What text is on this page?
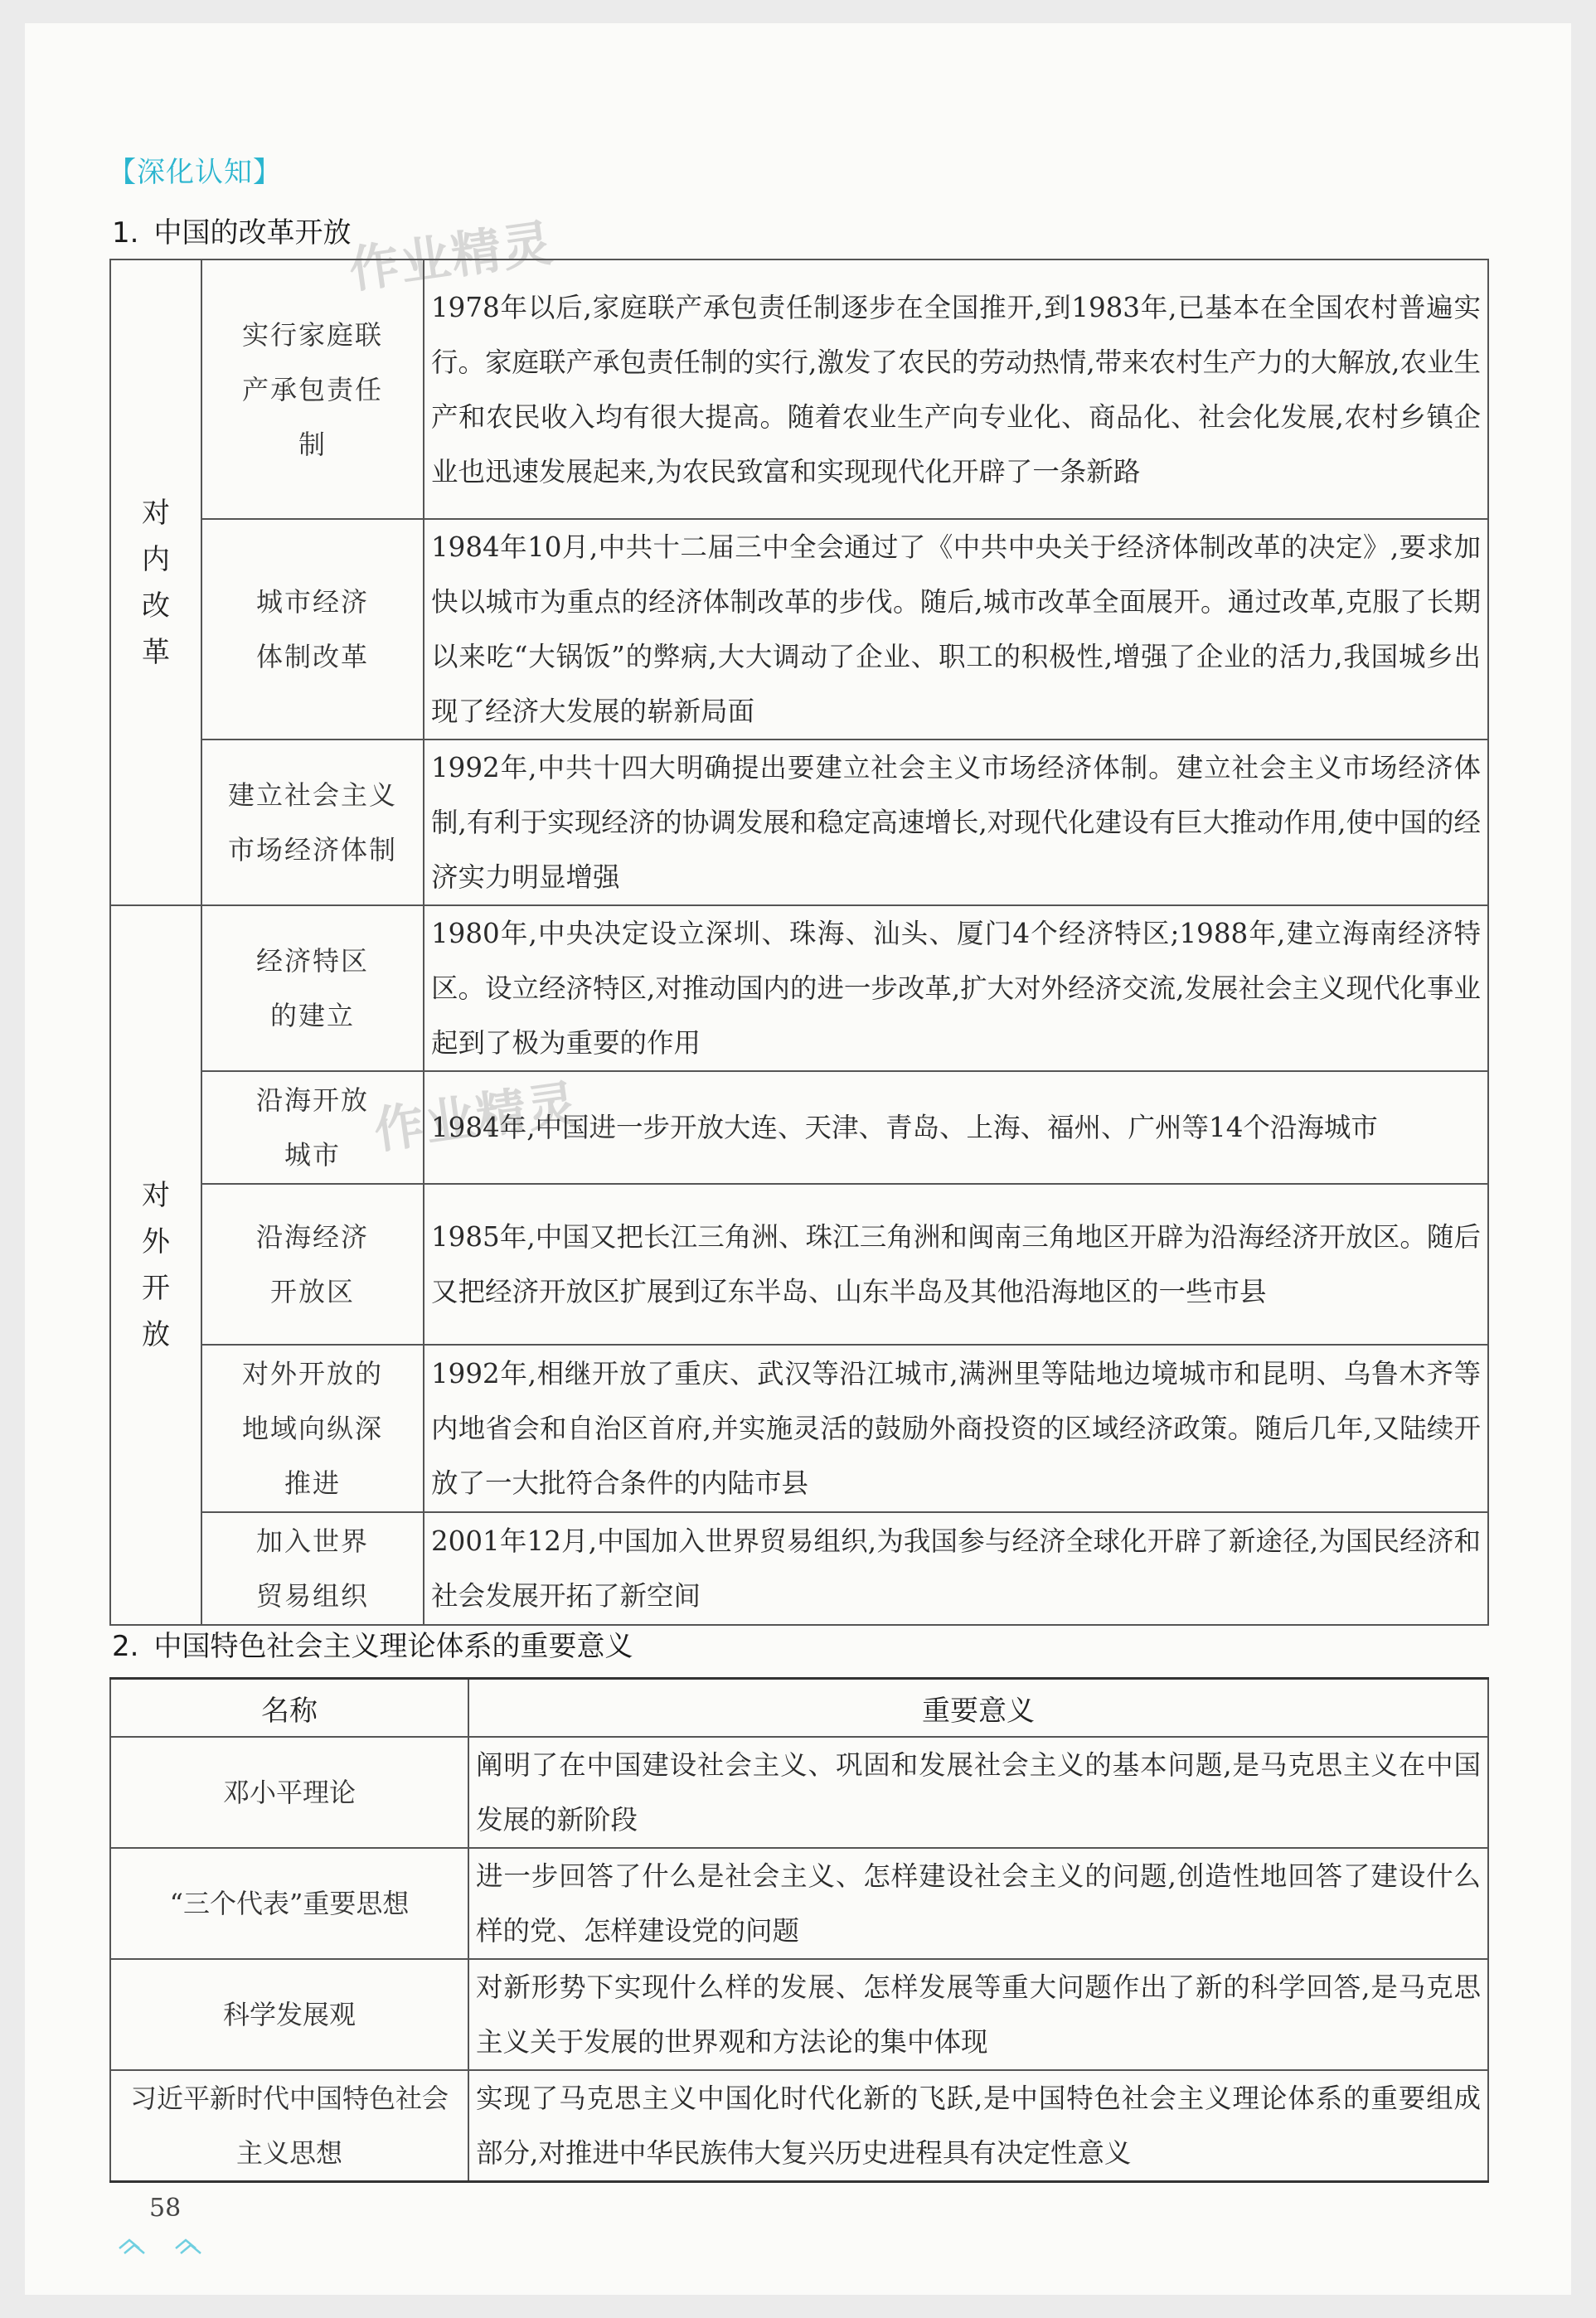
作业精灵
作业精灵
【深化认知】
1. 中国的改革开放
对内改革	实行家庭联产承包责任制	1978年以后,家庭联产承包责任制逐步在全国推开,到1983年,已基本在全国农村普遍实行。家庭联产承包责任制的实行,激发了农民的劳动热情,带来农村生产力的大解放,农业生产和农民收入均有很大提高。随着农业生产向专业化、商品化、社会化发展,农村乡镇企业也迅速发展起来,为农民致富和实现现代化开辟了一条新路

	城市经济体制改革	1984年10月,中共十二届三中全会通过了《中共中央关于经济体制改革的决定》,要求加快以城市为重点的经济体制改革的步伐。随后,城市改革全面展开。通过改革,克服了长期以来吃“大锅饭”的弊病,大大调动了企业、职工的积极性,增强了企业的活力,我国城乡出现了经济大发展的崭新局面

	建立社会主义市场经济体制	1992年,中共十四大明确提出要建立社会主义市场经济体制。建立社会主义市场经济体制,有利于实现经济的协调发展和稳定高速增长,对现代化建设有巨大推动作用,使中国的经济实力明显增强

对外开放	经济特区的建立	1980年,中央决定设立深圳、珠海、汕头、厦门4个经济特区;1988年,建立海南经济特区。设立经济特区,对推动国内的进一步改革,扩大对外经济交流,发展社会主义现代化事业起到了极为重要的作用

	沿海开放城市	1984年,中国进一步开放大连、天津、青岛、上海、福州、广州等14个沿海城市

	沿海经济开放区	1985年,中国又把长江三角洲、珠江三角洲和闽南三角地区开辟为沿海经济开放区。随后又把经济开放区扩展到辽东半岛、山东半岛及其他沿海地区的一些市县

	对外开放的地域向纵深推进	1992年,相继开放了重庆、武汉等沿江城市,满洲里等陆地边境城市和昆明、乌鲁木齐等内地省会和自治区首府,并实施灵活的鼓励外商投资的区域经济政策。随后几年,又陆续开放了一大批符合条件的内陆市县

	加入世界贸易组织	2001年12月,中国加入世界贸易组织,为我国参与经济全球化开辟了新途径,为国民经济和社会发展开拓了新空间
2. 中国特色社会主义理论体系的重要意义
名称	重要意义
邓小平理论	阐明了在中国建设社会主义、巩固和发展社会主义的基本问题,是马克思主义在中国发展的新阶段
“三个代表”重要思想	进一步回答了什么是社会主义、怎样建设社会主义的问题,创造性地回答了建设什么样的党、怎样建设党的问题
科学发展观	对新形势下实现什么样的发展、怎样发展等重大问题作出了新的科学回答,是马克思主义关于发展的世界观和方法论的集中体现

习近平新时代中国特色社会主义思想	实现了马克思主义中国化时代化新的飞跃,是中国特色社会主义理论体系的重要组成部分,对推进中华民族伟大复兴历史进程具有决定性意义
58
